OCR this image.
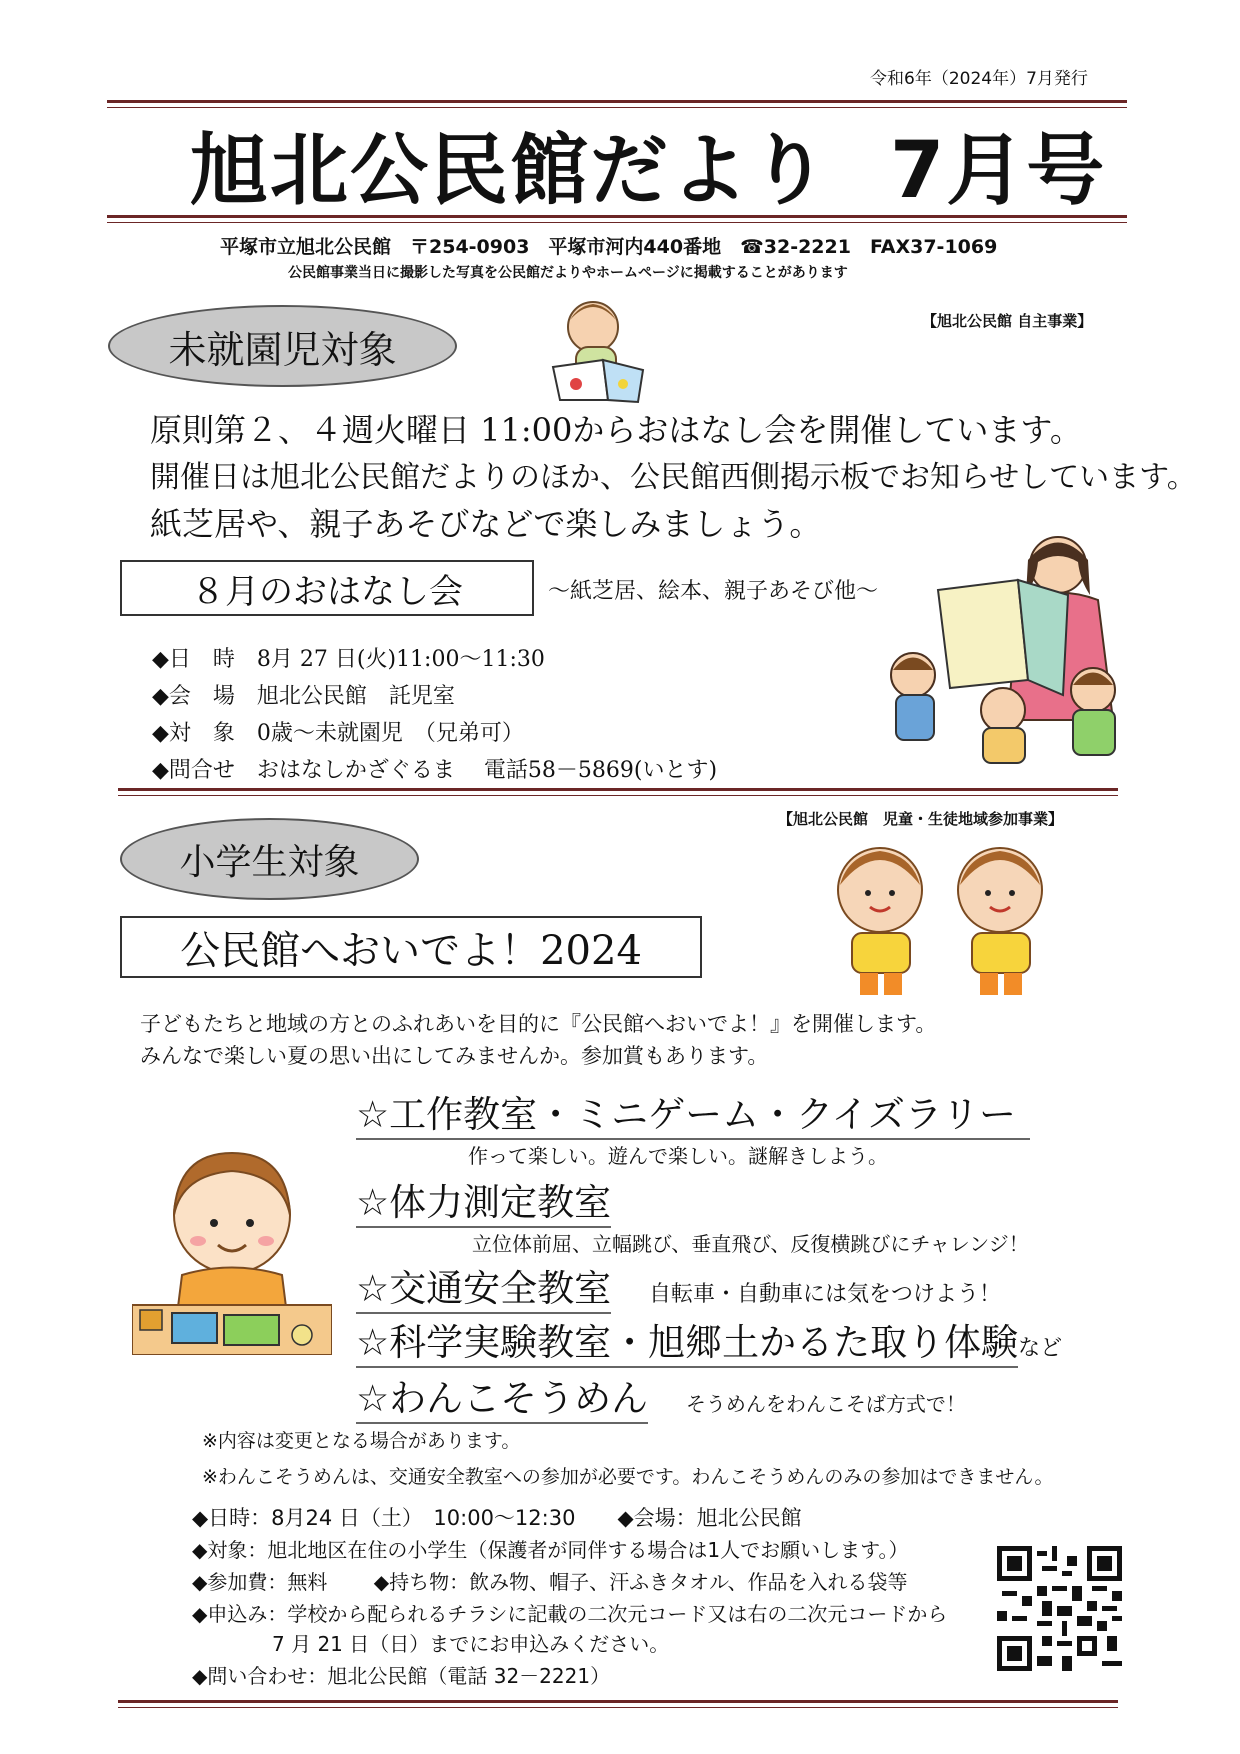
令和6年（2024年）7月発行
旭北公民館だより 7月号
平塚市立旭北公民館　〒254-0903　平塚市河内440番地　☎32-2221　FAX37-1069
公民館事業当日に撮影した写真を公民館だよりやホームページに掲載することがあります
未就園児対象
【旭北公民館 自主事業】
原則第２、４週火曜日 11:00からおはなし会を開催しています。
開催日は旭北公民館だよりのほか、公民館西側掲示板でお知らせしています。
紙芝居や、親子あそびなどで楽しみましょう。
８月のおはなし会	～紙芝居、絵本、親子あそび他～
◆日　時　8月 27 日(火)11:00～11:30
◆会　場　旭北公民館　託児室
◆対　象　0歳～未就園児　（兄弟可）
◆問合せ　おはなしかざぐるま　 電話58－5869(いとす)
【旭北公民館　児童・生徒地域参加事業】
小学生対象
公民館へおいでよ！2024
子どもたちと地域の方とのふれあいを目的に『公民館へおいでよ！』を開催します。
みんなで楽しい夏の思い出にしてみませんか。参加賞もあります。
☆工作教室・ミニゲーム・クイズラリー
作って楽しい。遊んで楽しい。謎解きしよう。
☆体力測定教室
立位体前屈、立幅跳び、垂直飛び、反復横跳びにチャレンジ！
☆交通安全教室 自転車・自動車には気をつけよう！
☆科学実験教室・旭郷土かるた取り体験など
☆わんこそうめん そうめんをわんこそば方式で！
※内容は変更となる場合があります。
※わんこそうめんは、交通安全教室への参加が必要です。わんこそうめんのみの参加はできません。
◆日時：8月24 日（土）　10:00～12:30　　◆会場：旭北公民館
◆対象：旭北地区在住の小学生（保護者が同伴する場合は1人でお願いします。）
◆参加費：無料　　 ◆持ち物：飲み物、帽子、汗ふきタオル、作品を入れる袋等
◆申込み：学校から配られるチラシに記載の二次元コード又は右の二次元コードから
　　　　7 月 21 日（日）までにお申込みください。
◆問い合わせ：旭北公民館（電話 32－2221）
